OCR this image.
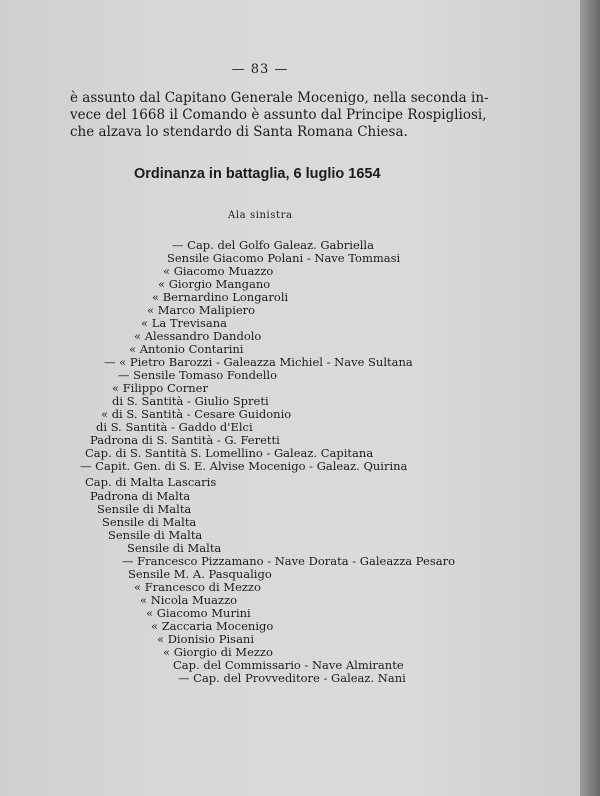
— 83 —
è assunto dal Capitano Generale Mocenigo, nella seconda in-
vece del 1668 il Comando è assunto dal Principe Rospigliosi,
che alzava lo stendardo di Santa Romana Chiesa.
Ordinanza in battaglia, 6 luglio 1654
Ala sinistra
— Cap. del Golfo Galeaz. Gabriella
Sensile Giacomo Polani - Nave Tommasi
« Giacomo Muazzo
« Giorgio Mangano
« Bernardino Longaroli
« Marco Malipiero
« La Trevisana
« Alessandro Dandolo
« Antonio Contarini
— « Pietro Barozzi - Galeazza Michiel - Nave Sultana
— Sensile Tomaso Fondello
« Filippo Corner
di S. Santità - Giulio Spreti
« di S. Santità - Cesare Guidonio
di S. Santità - Gaddo d'Elci
Padrona di S. Santità - G. Feretti
Cap. di S. Santità S. Lomellino - Galeaz. Capitana
— Capit. Gen. di S. E. Alvise Mocenigo - Galeaz. Quirina
Cap. di Malta Lascaris
Padrona di Malta
Sensile di Malta
Sensile di Malta
Sensile di Malta
Sensile di Malta
— Francesco Pizzamano - Nave Dorata - Galeazza Pesaro
Sensile M. A. Pasqualigo
« Francesco di Mezzo
« Nicola Muazzo
« Giacomo Murini
« Zaccaria Mocenigo
« Dionisio Pisani
« Giorgio di Mezzo
Cap. del Commissario - Nave Almirante
— Cap. del Provveditore - Galeaz. Nani
